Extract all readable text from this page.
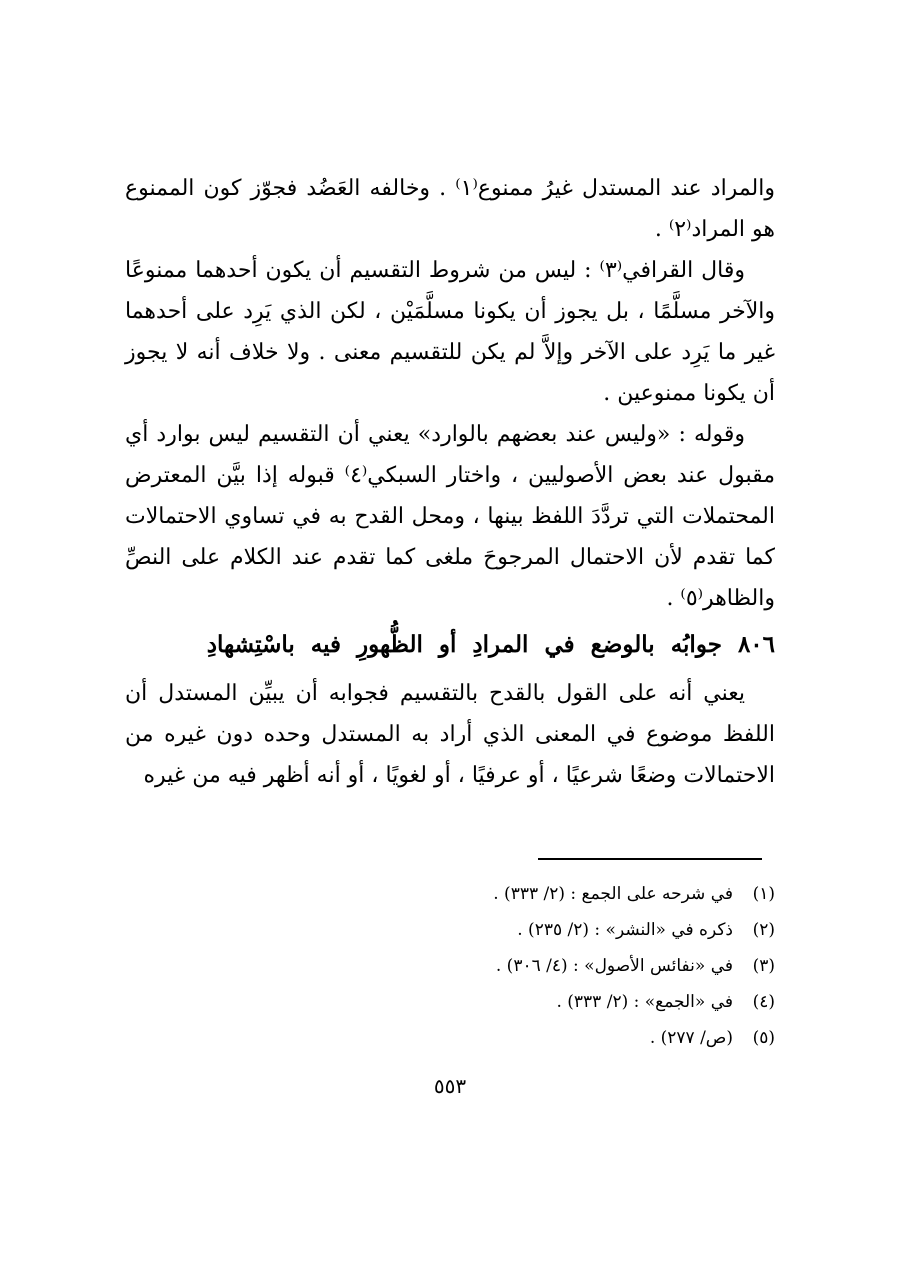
والمراد عند المستدل غيرُ ممنوع⁽١⁾ . وخالفه العَضُد فجوّز كون الممنوع هو المراد⁽٢⁾ .

وقال القرافي⁽٣⁾ : ليس من شروط التقسيم أن يكون أحدهما ممنوعًا والآخر مسلَّمًا ، بل يجوز أن يكونا مسلَّمَيْن ، لكن الذي يَرِد على أحدهما غير ما يَرِد على الآخر وإلاَّ لم يكن للتقسيم معنى . ولا خلاف أنه لا يجوز أن يكونا ممنوعين .

وقوله : «وليس عند بعضهم بالوارد» يعني أن التقسيم ليس بوارد أي مقبول عند بعض الأصوليين ، واختار السبكي⁽٤⁾ قبوله إذا بيَّن المعترض المحتملات التي تردَّدَ اللفظ بينها ، ومحل القدح به في تساوي الاحتمالات كما تقدم لأن الاحتمال المرجوحَ ملغى كما تقدم عند الكلام على النصِّ والظاهر⁽٥⁾ .

٨٠٦ جوابُه بالوضع في المرادِ أو الظُّهورِ فيه باسْتِشهادِ

يعني أنه على القول بالقدح بالتقسيم فجوابه أن يبيِّن المستدل أن اللفظ موضوع في المعنى الذي أراد به المستدل وحده دون غيره من الاحتمالات وضعًا شرعيًا ، أو عرفيًا ، أو لغويًا ، أو أنه أظهر فيه من غيره

(١)
في شرحه على الجمع : (٢/ ٣٣٣) .
(٢)
ذكره في «النشر» : (٢/ ٢٣٥) .
(٣)
في «نفائس الأصول» : (٤/ ٣٠٦) .
(٤)
في «الجمع» : (٢/ ٣٣٣) .
(٥)
(ص/ ٢٧٧) .
٥٥٣
